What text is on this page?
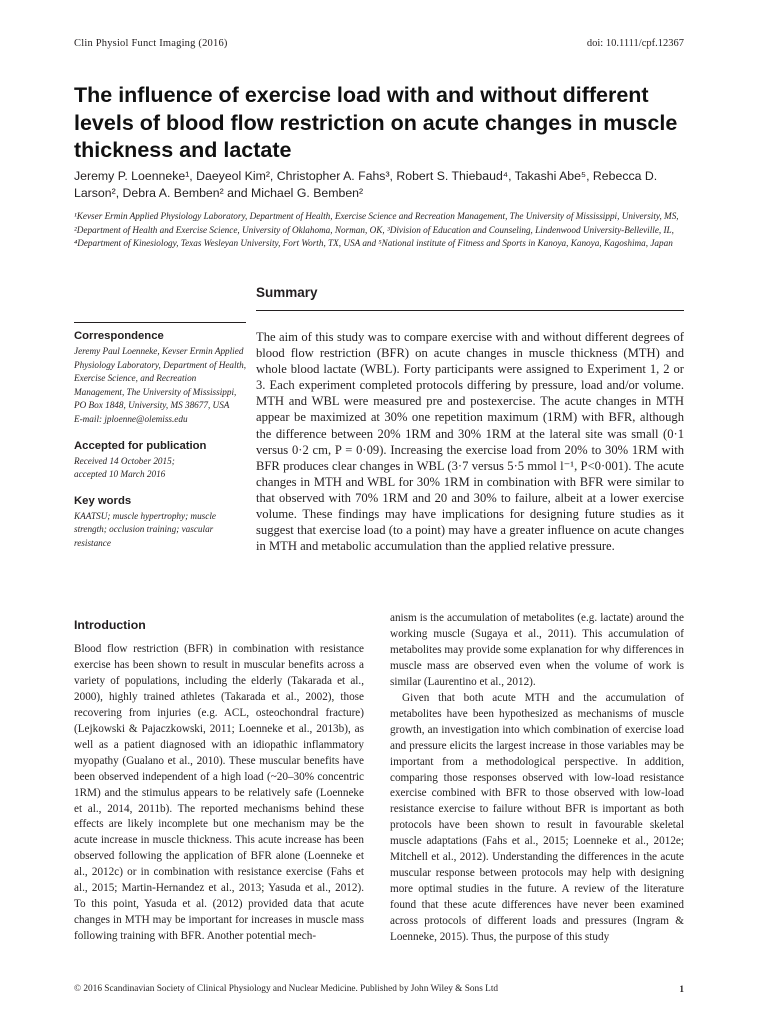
Clin Physiol Funct Imaging (2016)	doi: 10.1111/cpf.12367
The influence of exercise load with and without different levels of blood flow restriction on acute changes in muscle thickness and lactate
Jeremy P. Loenneke¹, Daeyeol Kim², Christopher A. Fahs³, Robert S. Thiebaud⁴, Takashi Abe⁵, Rebecca D. Larson², Debra A. Bemben² and Michael G. Bemben²
¹Kevser Ermin Applied Physiology Laboratory, Department of Health, Exercise Science and Recreation Management, The University of Mississippi, University, MS, ²Department of Health and Exercise Science, University of Oklahoma, Norman, OK, ³Division of Education and Counseling, Lindenwood University-Belleville, IL, ⁴Department of Kinesiology, Texas Wesleyan University, Fort Worth, TX, USA and ⁵National institute of Fitness and Sports in Kanoya, Kanoya, Kagoshima, Japan
Summary
Correspondence
Jeremy Paul Loenneke, Kevser Ermin Applied Physiology Laboratory, Department of Health, Exercise Science, and Recreation Management, The University of Mississippi, PO Box 1848, University, MS 38677, USA
E-mail: jploenne@olemiss.edu
Accepted for publication
Received 14 October 2015;
accepted 10 March 2016
Key words
KAATSU; muscle hypertrophy; muscle strength; occlusion training; vascular resistance
The aim of this study was to compare exercise with and without different degrees of blood flow restriction (BFR) on acute changes in muscle thickness (MTH) and whole blood lactate (WBL). Forty participants were assigned to Experiment 1, 2 or 3. Each experiment completed protocols differing by pressure, load and/or volume. MTH and WBL were measured pre and postexercise. The acute changes in MTH appear be maximized at 30% one repetition maximum (1RM) with BFR, although the difference between 20% 1RM and 30% 1RM at the lateral site was small (0·1 versus 0·2 cm, P = 0·09). Increasing the exercise load from 20% to 30% 1RM with BFR produces clear changes in WBL (3·7 versus 5·5 mmol l⁻¹, P<0·001). The acute changes in MTH and WBL for 30% 1RM in combination with BFR were similar to that observed with 70% 1RM and 20 and 30% to failure, albeit at a lower exercise volume. These findings may have implications for designing future studies as it suggest that exercise load (to a point) may have a greater influence on acute changes in MTH and metabolic accumulation than the applied relative pressure.
Introduction

Blood flow restriction (BFR) in combination with resistance exercise has been shown to result in muscular benefits across a variety of populations, including the elderly (Takarada et al., 2000), highly trained athletes (Takarada et al., 2002), those recovering from injuries (e.g. ACL, osteochondral fracture) (Lejkowski & Pajaczkowski, 2011; Loenneke et al., 2013b), as well as a patient diagnosed with an idiopathic inflammatory myopathy (Gualano et al., 2010). These muscular benefits have been observed independent of a high load (~20–30% concentric 1RM) and the stimulus appears to be relatively safe (Loenneke et al., 2014, 2011b). The reported mechanisms behind these effects are likely incomplete but one mechanism may be the acute increase in muscle thickness. This acute increase has been observed following the application of BFR alone (Loenneke et al., 2012c) or in combination with resistance exercise (Fahs et al., 2015; Martin-Hernandez et al., 2013; Yasuda et al., 2012). To this point, Yasuda et al. (2012) provided data that acute changes in MTH may be important for increases in muscle mass following training with BFR. Another potential mech-

anism is the accumulation of metabolites (e.g. lactate) around the working muscle (Sugaya et al., 2011). This accumulation of metabolites may provide some explanation for why differences in muscle mass are observed even when the volume of work is similar (Laurentino et al., 2012).

Given that both acute MTH and the accumulation of metabolites have been hypothesized as mechanisms of muscle growth, an investigation into which combination of exercise load and pressure elicits the largest increase in those variables may be important from a methodological perspective. In addition, comparing those responses observed with low-load resistance exercise combined with BFR to those observed with low-load resistance exercise to failure without BFR is important as both protocols have been shown to result in favourable skeletal muscle adaptations (Fahs et al., 2015; Loenneke et al., 2012e; Mitchell et al., 2012). Understanding the differences in the acute muscular response between protocols may help with designing more optimal studies in the future. A review of the literature found that these acute differences have never been examined across protocols of different loads and pressures (Ingram & Loenneke, 2015). Thus, the purpose of this study

© 2016 Scandinavian Society of Clinical Physiology and Nuclear Medicine. Published by John Wiley & Sons Ltd	1
